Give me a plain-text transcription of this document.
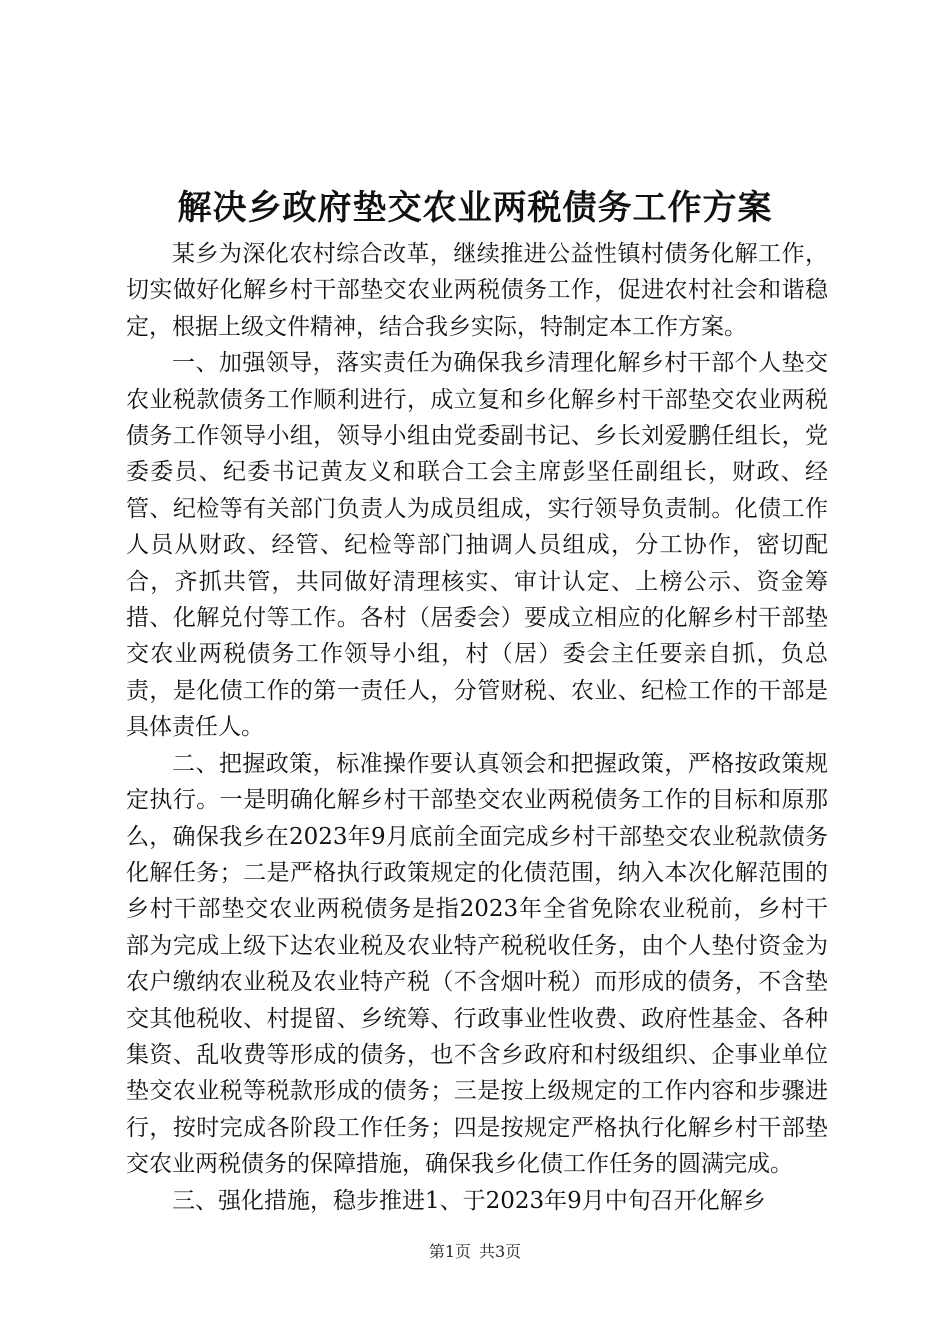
解决乡政府垫交农业两税债务工作方案

某乡为深化农村综合改革，继续推进公益性镇村债务化解工作，切实做好化解乡村干部垫交农业两税债务工作，促进农村社会和谐稳定，根据上级文件精神，结合我乡实际，特制定本工作方案。

一、加强领导，落实责任为确保我乡清理化解乡村干部个人垫交农业税款债务工作顺利进行，成立复和乡化解乡村干部垫交农业两税债务工作领导小组，领导小组由党委副书记、乡长刘爱鹏任组长，党委委员、纪委书记黄友义和联合工会主席彭坚任副组长，财政、经管、纪检等有关部门负责人为成员组成，实行领导负责制。化债工作人员从财政、经管、纪检等部门抽调人员组成，分工协作，密切配合，齐抓共管，共同做好清理核实、审计认定、上榜公示、资金筹措、化解兑付等工作。各村（居委会）要成立相应的化解乡村干部垫交农业两税债务工作领导小组，村（居）委会主任要亲自抓，负总责，是化债工作的第一责任人，分管财税、农业、纪检工作的干部是具体责任人。

二、把握政策，标准操作要认真领会和把握政策，严格按政策规定执行。一是明确化解乡村干部垫交农业两税债务工作的目标和原那么，确保我乡在2023年9月底前全面完成乡村干部垫交农业税款债务化解任务；二是严格执行政策规定的化债范围，纳入本次化解范围的乡村干部垫交农业两税债务是指2023年全省免除农业税前，乡村干部为完成上级下达农业税及农业特产税税收任务，由个人垫付资金为农户缴纳农业税及农业特产税（不含烟叶税）而形成的债务，不含垫交其他税收、村提留、乡统筹、行政事业性收费、政府性基金、各种集资、乱收费等形成的债务，也不含乡政府和村级组织、企事业单位垫交农业税等税款形成的债务；三是按上级规定的工作内容和步骤进行，按时完成各阶段工作任务；四是按规定严格执行化解乡村干部垫交农业两税债务的保障措施，确保我乡化债工作任务的圆满完成。

三、强化措施，稳步推进1、于2023年9月中旬召开化解乡

第1页 共3页
